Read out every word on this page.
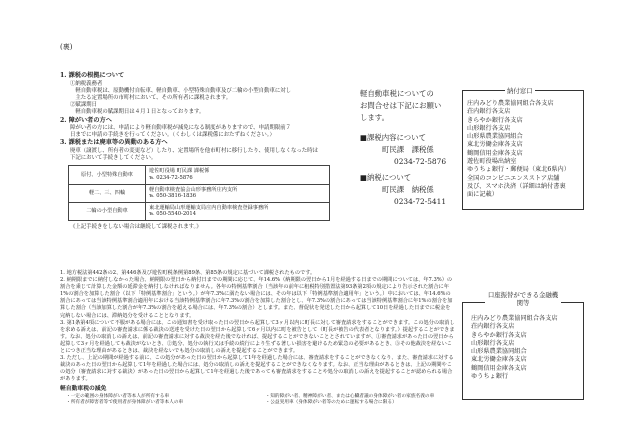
(裏)
1. 課税の根拠について
①納税義務者
　軽自動車税は、原動機付自転車、軽自動車、小型特殊自動車及び二輪の小型自動車に対し
　主たる定置場所の市町村において、その所有者に課税されます。
②賦課期日
　軽自動車税の賦課期日は４月１日となっております。
2. 障がい者の方へ
障がい者の方には、申請により軽自動車税が減免になる制度がありますので、申請期限前７
日までに申請の手続きを行ってください。（くわしくは課税係におたずねください。）
3. 課税または廃車等の異動のある方へ
廃車（譲渡し、所有者の変更など）したり、定置場所を他市町村に移行したり、使用しなくなった時は
下記において手続きしてください。
原付、小型特殊自動車	遊佐町役場 町民課 課税係
℡ 0234-72-5876

軽二、三、四輪	軽自動車検査協会山形事務所庄内支所
℡ 050-3816-1836

二輪の小型自動車	東北運輸局山形運輸支局庄内自動車検査登録事務所
℡ 050-5540-2014
《上記手続きをしない場合は継続して課税されます。》
軽自動車税についての
お問合せは下記にお願い
します。
■課税内容について
町民課　課税係
0234-72-5876
■納税について
町民課　納税係
0234-72-5411
納付窓口
庄内みどり農業協同組合各支店
荘内銀行各支店
きらやか銀行各支店
山形銀行各支店
山形県農業協同組合
東北労働金庫各支店
鶴岡信用金庫各支店
遊佐町役場出納室
ゆうちょ銀行・郵便局（東北6県内）
全国のコンビニエンスストア店舗
及び、スマホ決済（詳細は納付書裏
面に記載）
口座振替ができる金融機関等
庄内みどり農業協同組合各支店
荘内銀行各支店
きらやか銀行各支店
山形銀行各支店
山形県農業協同組合
東北労働金庫各支店
鶴岡信用金庫各支店
ゆうちょ銀行
1. 地方税法第442条の2、第446条及び遊佐町税条例第89条、第85条の規定に基づいて課税されたものです。
2. 納期限までに納付しなかった場合、納期限の翌日から納付日までの期間に応じて、年14.6%（納期限の翌日から1月を経過する日までの期間については、年7.3%）の割合を乗じて計算した金額の延滞金を納付しなければなりません。各年の特例基準割合（当該年の前年に租税特別措置法第93条第2項の規定により告示された割合に年1%の割合を加算した割合（以下「特例基準割合」という。）が年7.3%に満たない場合には、その年は以下「特例基準割合適用年」という。）中においては、年14.6%の割合にあっては当該特例基準割合適用年における当該特例基準割合に年7.3%の割合を加算した割合とし、年7.3%の割合にあっては当該特例基準割合に年1%の割合を加算した割合（当該加算した割合が年7.3%の割合を超える場合には、年7.3%の割合）とします。また、督促状を発送した日から起算して10日を経過した日までに税金を完納しない場合には、滞納処分を受けることとなります。
3. 第1条第4項について不服がある場合には、この通知書を受け取った日の翌日から起算して3ヶ月以内に町長に対して審査請求をすることができます。この処分の取消しを求める訴えは、前記の審査請求に係る裁決の送達を受けた日の翌日から起算して6ヶ月以内に町を被告として（町長が被告の代表者となります。）提起することができます。なお、処分の取消しの訴えは、前記の審査請求に対する裁決を経た後でなければ、提起することができないこととされていますが、①審査請求があった日の翌日から起算して3ヶ月を経過しても裁決がないとき、②処分、処分の執行又は手続の続行により生ずる著しい損害を避けるため緊急の必要があるとき、③その他裁決を経ないことにつき正当な理由があるときは、裁決を経ないでも処分の取消しの訴えを提起することができます。
3. ただし、上記の期間が経過する前に、この処分があった日の翌日から起算して1年を経過した場合には、審査請求をすることができなくなり、また、審査請求に対する裁決のあった日の翌日から起算して1年を経過した場合には、処分の取消しの訴えを提起することができなくなります。なお、正当な理由があるときは、上記の期間やこの処分（審査請求に対する裁決）があった日の翌日から起算して1年を経過した後であっても審査請求をすることや処分の取消しの訴えを提起することが認められる場合があります。
軽自動車税の減免
・一定の範囲の身体障がい者等本人が所有する車
・所有者が障害者等で使用者が身体障がい者等本人の車
・知的障がい者、精神障がい者、または心臓者議の身体障がい者の家族名義の車
・公益実用車（身体障がい者等のために運転する場合に限る）
